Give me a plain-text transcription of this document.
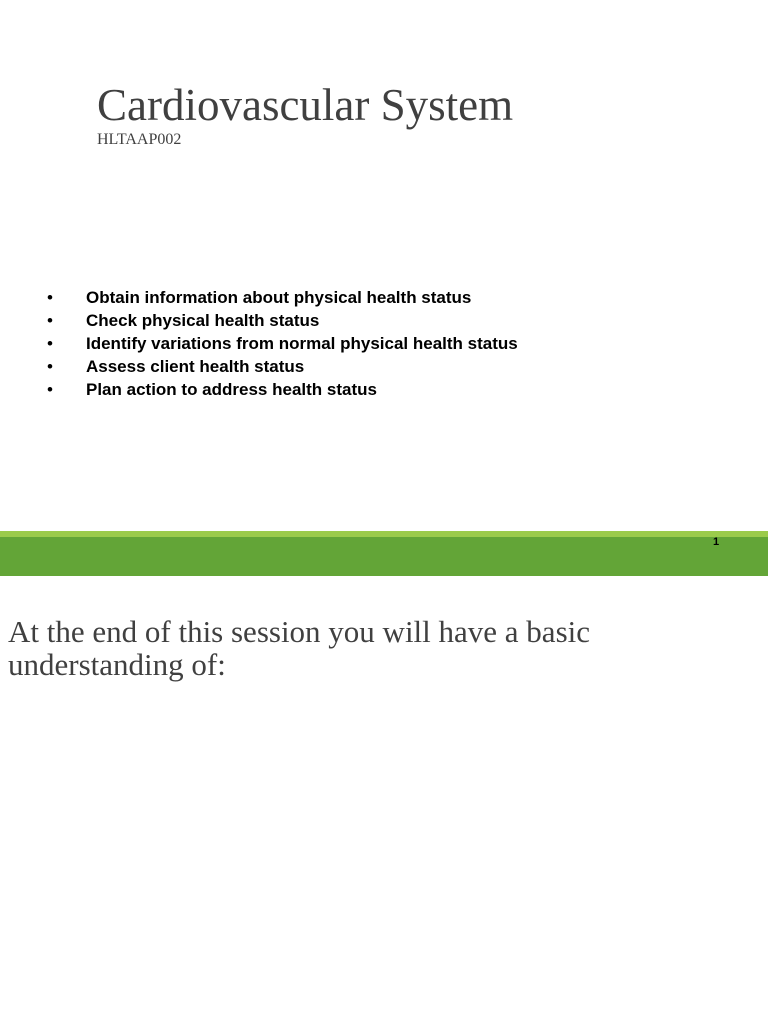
Cardiovascular System
HLTAAP002
• Obtain information about physical health status
• Check physical health status
• Identify variations from normal physical health status
• Assess client health status
• Plan action to address health status
1
At the end of this session you will have a basic understanding of:
